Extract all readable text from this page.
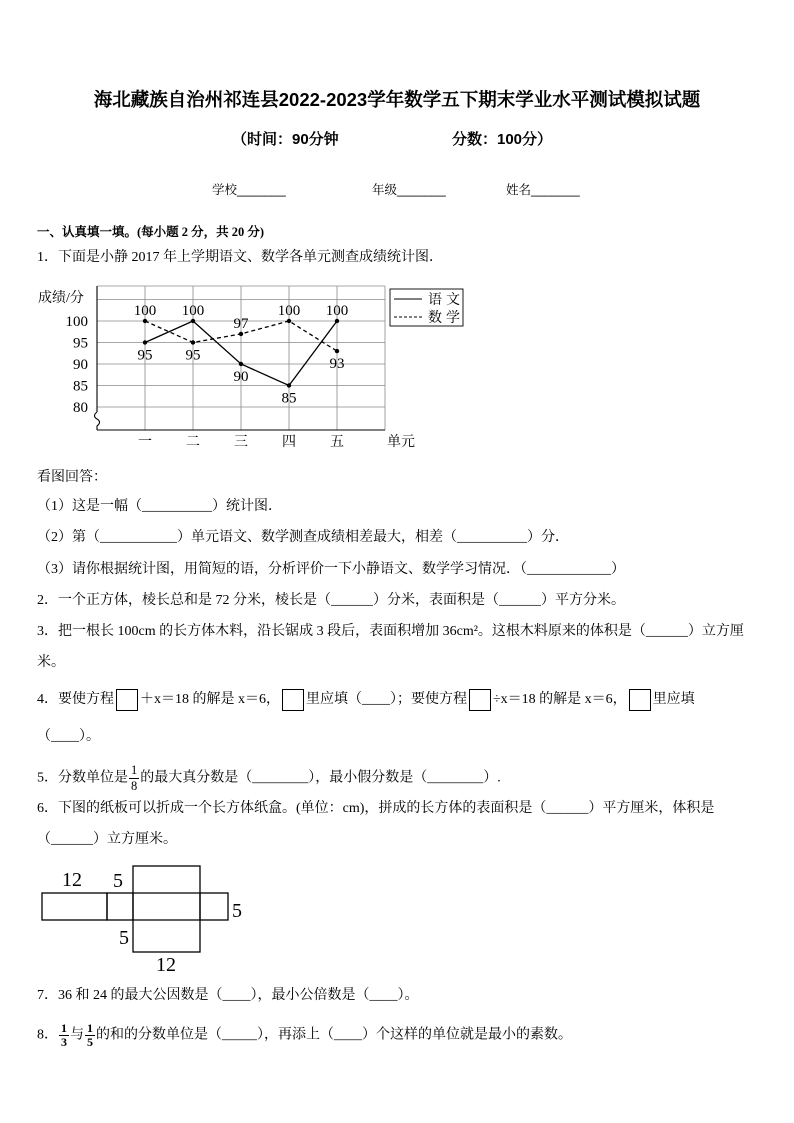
海北藏族自治州祁连县2022-2023学年数学五下期末学业水平测试模拟试题
（时间：90分钟	分数：100分）
学校_______	年级_______	姓名_______
一、认真填一填。(每小题 2 分，共 20 分)
1．下面是小静 2017 年上学期语文、数学各单元测查成绩统计图．
80
85
90
95
100
一 二 三 四 五
成绩/分
单元
95
100
90
85
100
语文
100
95
97
100
93
数学
看图回答：
（1）这是一幅（__________）统计图．
（2）第（___________）单元语文、数学测查成绩相差最大，相差（__________）分．
（3）请你根据统计图，用简短的语，分析评价一下小静语文、数学学习情况．（____________）
2．一个正方体，棱长总和是 72 分米，棱长是（______）分米，表面积是（______）平方分米。
3．把一根长 100cm 的长方体木料，沿长锯成 3 段后，表面积增加 36cm²。这根木料原来的体积是（______）立方厘
米。
4．要使方程 ＋x＝18 的解是 x＝6， 里应填（____）；要使方程 ÷x＝18 的解是 x＝6， 里应填
（____）。
5．分数单位是 $\frac{1}{8}$ 的最大真分数是（________），最小假分数是（________）.
6．下图的纸板可以折成一个长方体纸盒。(单位：cm)，拼成的长方体的表面积是（______）平方厘米，体积是
（______）立方厘米。
12 5
5
5
12
7．36 和 24 的最大公因数是（____），最小公倍数是（____）。
8． $\frac{1}{3}$ 与 $\frac{1}{5}$ 的和的分数单位是（_____），再添上（____）个这样的单位就是最小的素数。
